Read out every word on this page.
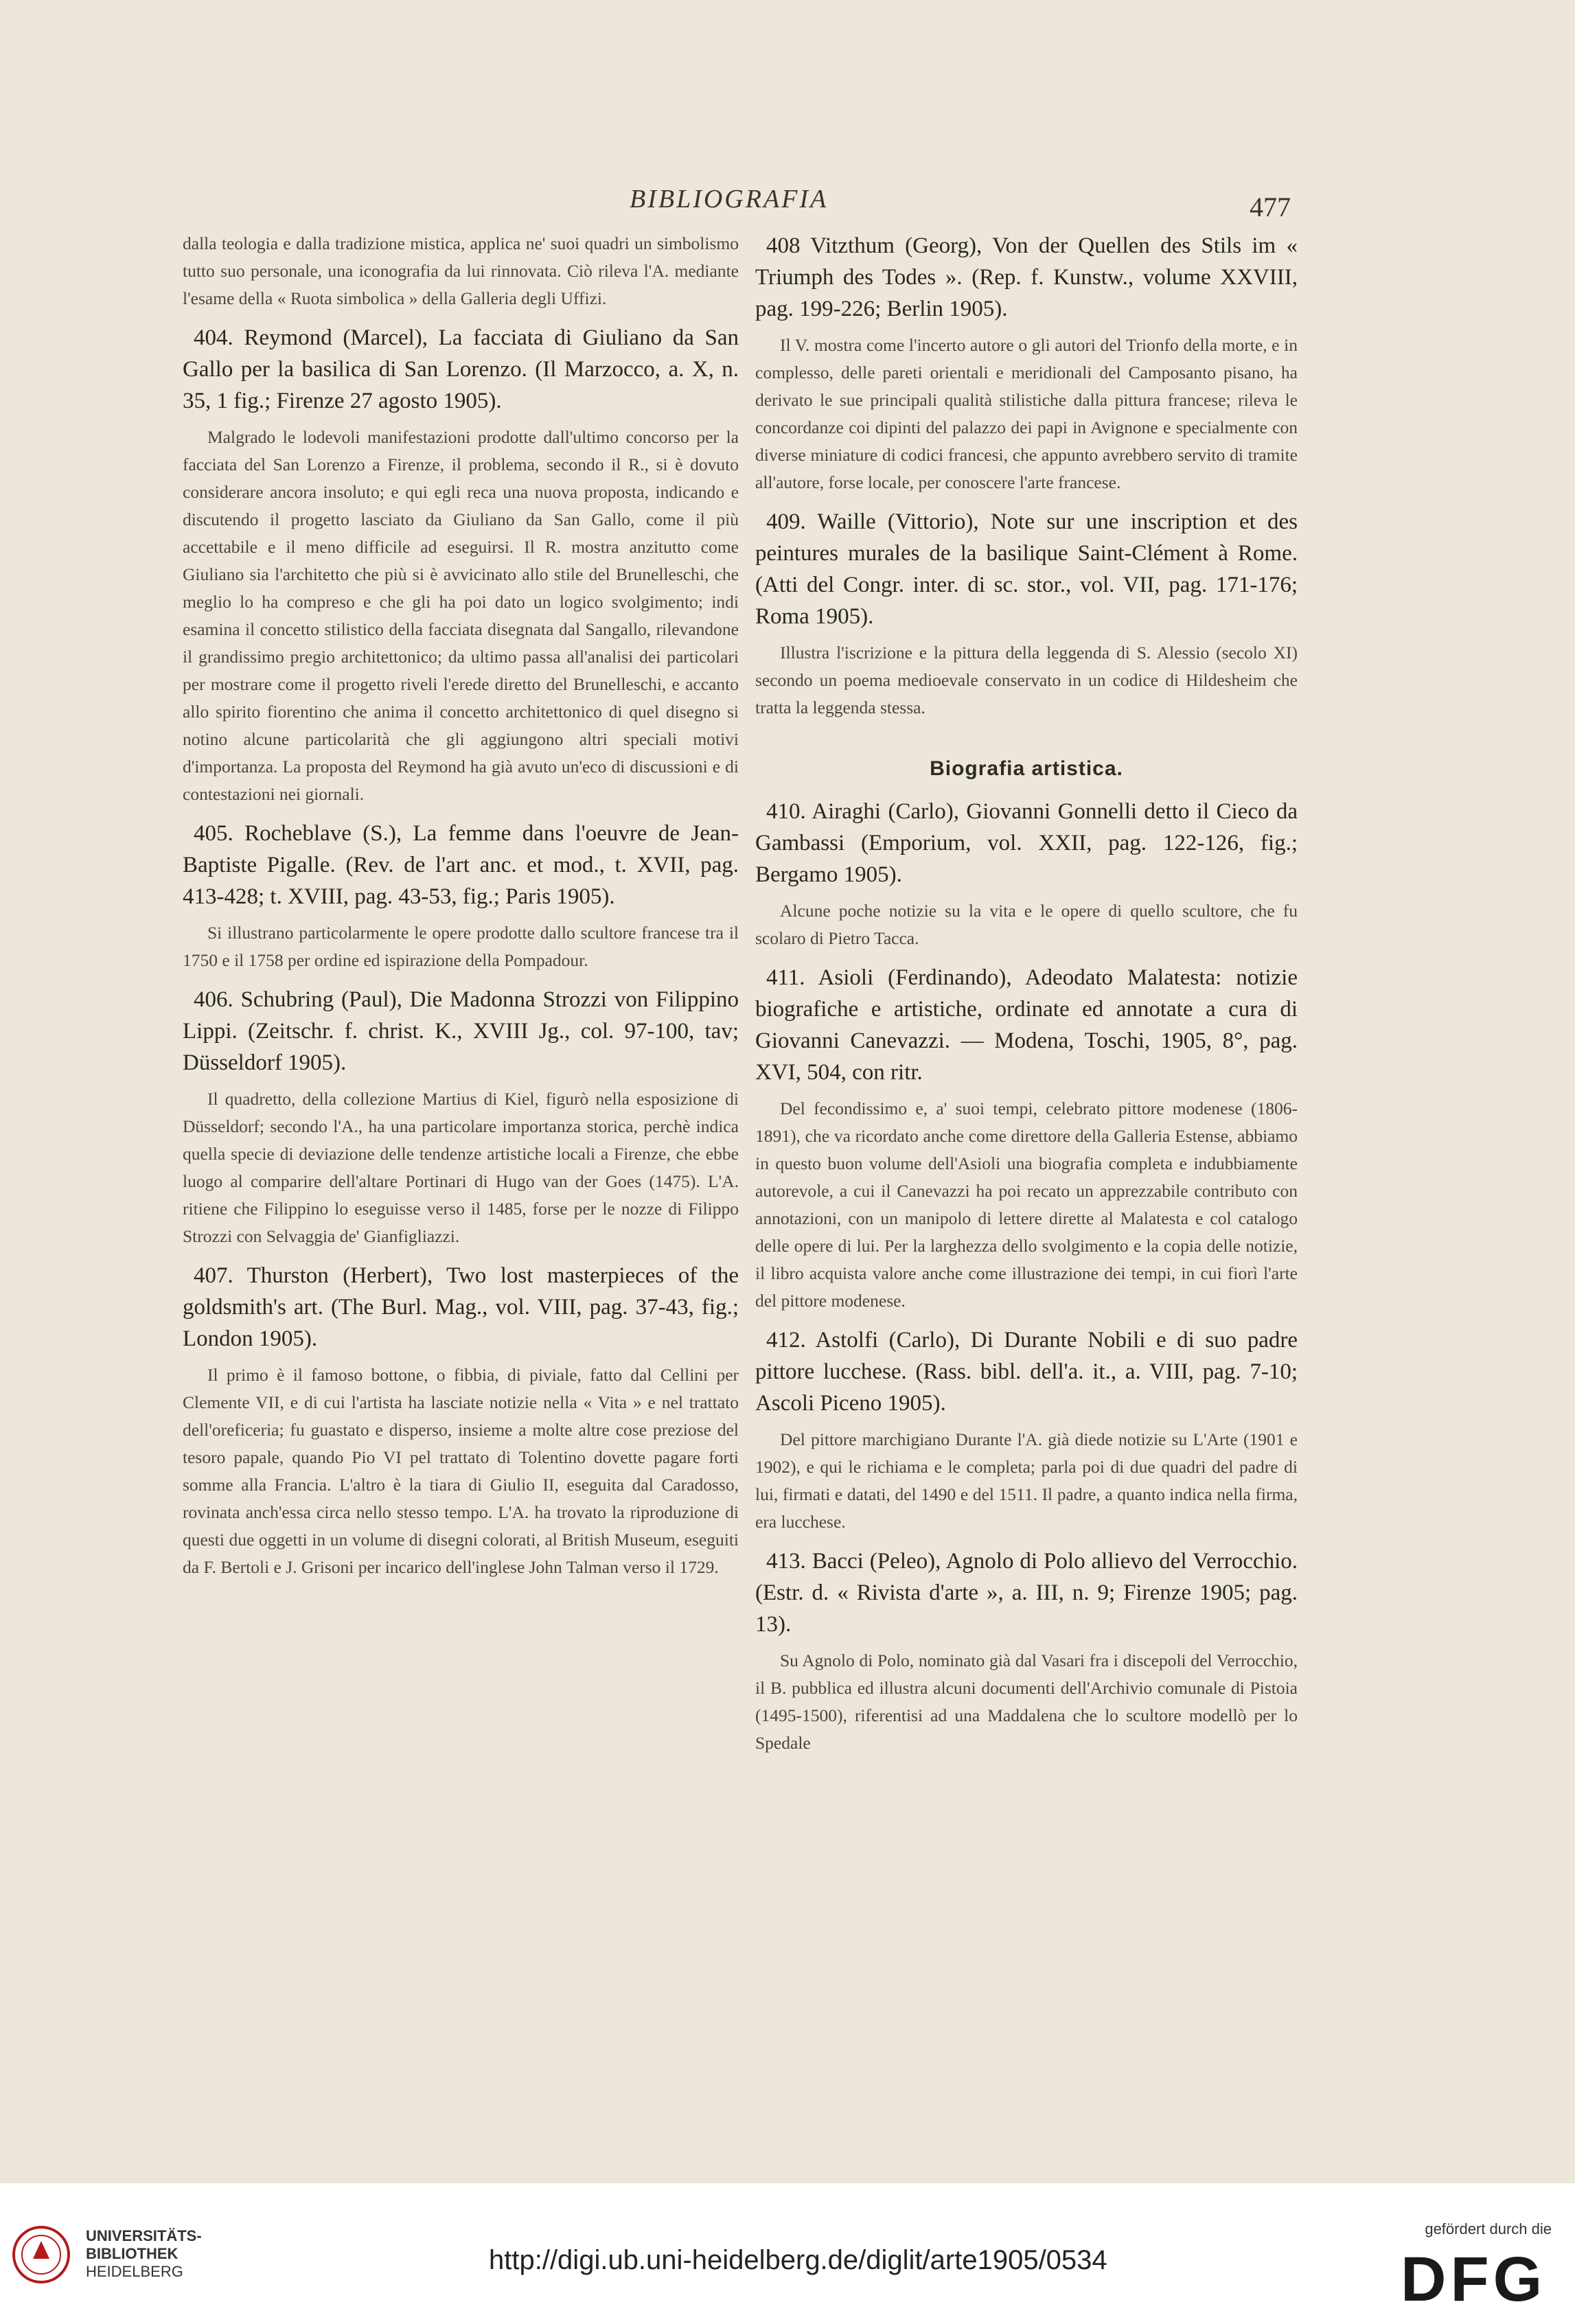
BIBLIOGRAFIA	477

dalla teologia e dalla tradizione mistica, applica ne' suoi quadri un simbolismo tutto suo personale, una iconografia da lui rinnovata. Ciò rileva l'A. mediante l'esame della « Ruota simbolica » della Galleria degli Uffizi.

404. Reymond (Marcel), La facciata di Giuliano da San Gallo per la basilica di San Lorenzo. (Il Marzocco, a. X, n. 35, 1 fig.; Firenze 27 agosto 1905).

Malgrado le lodevoli manifestazioni prodotte dall'ultimo concorso per la facciata del San Lorenzo a Firenze, il problema, secondo il R., si è dovuto considerare ancora insoluto; e qui egli reca una nuova proposta, indicando e discutendo il progetto lasciato da Giuliano da San Gallo, come il più accettabile e il meno difficile ad eseguirsi. Il R. mostra anzitutto come Giuliano sia l'architetto che più si è avvicinato allo stile del Brunelleschi, che meglio lo ha compreso e che gli ha poi dato un logico svolgimento; indi esamina il concetto stilistico della facciata disegnata dal Sangallo, rilevandone il grandissimo pregio architettonico; da ultimo passa all'analisi dei particolari per mostrare come il progetto riveli l'erede diretto del Brunelleschi, e accanto allo spirito fiorentino che anima il concetto architettonico di quel disegno si notino alcune particolarità che gli aggiungono altri speciali motivi d'importanza. La proposta del Reymond ha già avuto un'eco di discussioni e di contestazioni nei giornali.

405. Rocheblave (S.), La femme dans l'oeuvre de Jean-Baptiste Pigalle. (Rev. de l'art anc. et mod., t. XVII, pag. 413-428; t. XVIII, pag. 43-53, fig.; Paris 1905).

Si illustrano particolarmente le opere prodotte dallo scultore francese tra il 1750 e il 1758 per ordine ed ispirazione della Pompadour.

406. Schubring (Paul), Die Madonna Strozzi von Filippino Lippi. (Zeitschr. f. christ. K., XVIII Jg., col. 97-100, tav; Düsseldorf 1905).

Il quadretto, della collezione Martius di Kiel, figurò nella esposizione di Düsseldorf; secondo l'A., ha una particolare importanza storica, perchè indica quella specie di deviazione delle tendenze artistiche locali a Firenze, che ebbe luogo al comparire dell'altare Portinari di Hugo van der Goes (1475). L'A. ritiene che Filippino lo eseguisse verso il 1485, forse per le nozze di Filippo Strozzi con Selvaggia de' Gianfigliazzi.

407. Thurston (Herbert), Two lost masterpieces of the goldsmith's art. (The Burl. Mag., vol. VIII, pag. 37-43, fig.; London 1905).

Il primo è il famoso bottone, o fibbia, di piviale, fatto dal Cellini per Clemente VII, e di cui l'artista ha lasciate notizie nella « Vita » e nel trattato dell'oreficeria; fu guastato e disperso, insieme a molte altre cose preziose del tesoro papale, quando Pio VI pel trattato di Tolentino dovette pagare forti somme alla Francia. L'altro è la tiara di Giulio II, eseguita dal Caradosso, rovinata anch'essa circa nello stesso tempo. L'A. ha trovato la riproduzione di questi due oggetti in un volume di disegni colorati, al British Museum, eseguiti da F. Bertoli e J. Grisoni per incarico dell'inglese John Talman verso il 1729.

408 Vitzthum (Georg), Von der Quellen des Stils im « Triumph des Todes ». (Rep. f. Kunstw., volume XXVIII, pag. 199-226; Berlin 1905).

Il V. mostra come l'incerto autore o gli autori del Trionfo della morte, e in complesso, delle pareti orientali e meridionali del Camposanto pisano, ha derivato le sue principali qualità stilistiche dalla pittura francese; rileva le concordanze coi dipinti del palazzo dei papi in Avignone e specialmente con diverse miniature di codici francesi, che appunto avrebbero servito di tramite all'autore, forse locale, per conoscere l'arte francese.

409. Waille (Vittorio), Note sur une inscription et des peintures murales de la basilique Saint-Clément à Rome. (Atti del Congr. inter. di sc. stor., vol. VII, pag. 171-176; Roma 1905).

Illustra l'iscrizione e la pittura della leggenda di S. Alessio (secolo XI) secondo un poema medioevale conservato in un codice di Hildesheim che tratta la leggenda stessa.

Biografia artistica.

410. Airaghi (Carlo), Giovanni Gonnelli detto il Cieco da Gambassi (Emporium, vol. XXII, pag. 122-126, fig.; Bergamo 1905).

Alcune poche notizie su la vita e le opere di quello scultore, che fu scolaro di Pietro Tacca.

411. Asioli (Ferdinando), Adeodato Malatesta: notizie biografiche e artistiche, ordinate ed annotate a cura di Giovanni Canevazzi. — Modena, Toschi, 1905, 8°, pag. XVI, 504, con ritr.

Del fecondissimo e, a' suoi tempi, celebrato pittore modenese (1806-1891), che va ricordato anche come direttore della Galleria Estense, abbiamo in questo buon volume dell'Asioli una biografia completa e indubbiamente autorevole, a cui il Canevazzi ha poi recato un apprezzabile contributo con annotazioni, con un manipolo di lettere dirette al Malatesta e col catalogo delle opere di lui. Per la larghezza dello svolgimento e la copia delle notizie, il libro acquista valore anche come illustrazione dei tempi, in cui fiorì l'arte del pittore modenese.

412. Astolfi (Carlo), Di Durante Nobili e di suo padre pittore lucchese. (Rass. bibl. dell'a. it., a. VIII, pag. 7-10; Ascoli Piceno 1905).

Del pittore marchigiano Durante l'A. già diede notizie su L'Arte (1901 e 1902), e qui le richiama e le completa; parla poi di due quadri del padre di lui, firmati e datati, del 1490 e del 1511. Il padre, a quanto indica nella firma, era lucchese.

413. Bacci (Peleo), Agnolo di Polo allievo del Verrocchio. (Estr. d. « Rivista d'arte », a. III, n. 9; Firenze 1905; pag. 13).

Su Agnolo di Polo, nominato già dal Vasari fra i discepoli del Verrocchio, il B. pubblica ed illustra alcuni documenti dell'Archivio comunale di Pistoia (1495-1500), riferentisi ad una Maddalena che lo scultore modellò per lo Spedale

UNIVERSITÄTS-
BIBLIOTHEK
HEIDELBERG	http://digi.ub.uni-heidelberg.de/diglit/arte1905/0534
gefördert durch die
DFG
